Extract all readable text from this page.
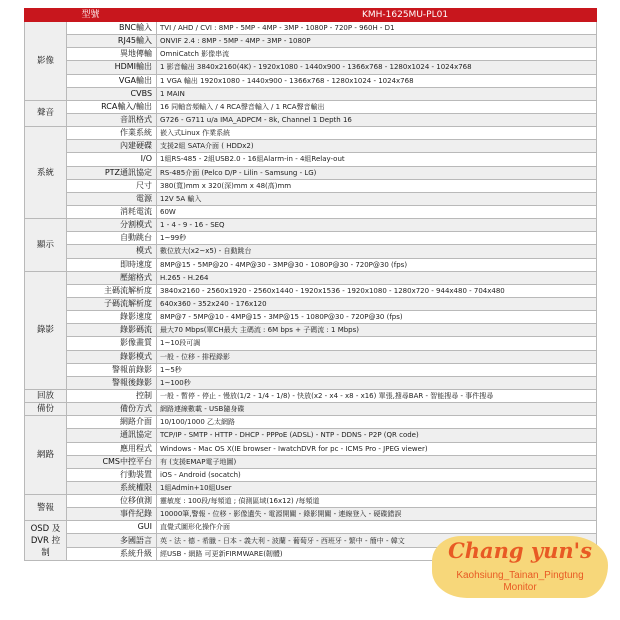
型號		KMH-1625MU-PL01
影像	BNC輸入	TVI / AHD / CVI : 8MP - 5MP - 4MP - 3MP - 1080P - 720P - 960H - D1
	RJ45輸入	ONVIF 2.4 : 8MP - 5MP - 4MP - 3MP - 1080P
	異地傳輸	OmniCatch 影像串流
	HDMI輸出	1 影音輸出 3840x2160(4K) - 1920x1080 - 1440x900 - 1366x768 - 1280x1024 - 1024x768
	VGA輸出	1 VGA 輸出 1920x1080 - 1440x900 - 1366x768 - 1280x1024 - 1024x768
	CVBS	1 MAIN
聲音	RCA輸入/輸出	16 同軸音頻輸入 / 4 RCA聲音輸入 / 1 RCA聲音輸出
	音訊格式	G726 - G711 u/a IMA_ADPCM - 8k, Channel 1 Depth 16
系統	作業系統	嵌入式Linux 作業系統
	內建硬碟	支援2組 SATA介面 ( HDDx2)
	I/O	1組RS-485 - 2組USB2.0 - 16組Alarm-in - 4組Relay-out
	PTZ通訊協定	RS-485介面 (Pelco D/P - Lilin - Samsung - LG)
	尺寸	380(寬)mm x 320(深)mm x 48(高)mm
	電源	12V 5A 輸入
	消耗電流	60W
顯示	分割模式	1 - 4 - 9 - 16 - SEQ
	自動跳台	1~99秒
	模式	數位放大(x2~x5) - 自動跳台
	即時速度	8MP@15 - 5MP@20 - 4MP@30 - 3MP@30 - 1080P@30 - 720P@30 (fps)
錄影	壓縮格式	H.265 - H.264
	主碼流解析度	3840x2160 - 2560x1920 - 2560x1440 - 1920x1536 - 1920x1080 - 1280x720 - 944x480 - 704x480
	子碼流解析度	640x360 - 352x240 - 176x120
	錄影速度	8MP@7 - 5MP@10 - 4MP@15 - 3MP@15 - 1080P@30 - 720P@30 (fps)
	錄影碼流	最大70 Mbps(單CH最大 主碼流 : 6M bps + 子碼流 : 1 Mbps)
	影像畫質	1~10段可調
	錄影模式	一般 - 位移 - 排程錄影
	警報前錄影	1~5秒
	警報後錄影	1~100秒
回放	控制	一般 - 暫停 - 停止 - 慢放(1/2 - 1/4 - 1/8) - 快放(x2 - x4 - x8 - x16) 單張,搜尋BAR - 智能搜尋 - 事件搜尋
備份	備份方式	網路連線數載 - USB隨身碟
網路	網路介面	10/100/1000 乙太網路
	通訊協定	TCP/IP - SMTP - HTTP - DHCP - PPPoE (ADSL) - NTP - DDNS - P2P (QR code)
	應用程式	Windows - Mac OS X(IE browser - IwatchDVR for pc - ICMS Pro - JPEG viewer)
	CMS中控平台	有 (支援EMAP電子地圖)
	行動裝置	iOS - Android (socatch)
	系統權限	1組Admin+10組User
警報	位移偵測	靈敏度 : 100段/每頻道 ; 偵測區域(16x12) /每頻道
	事件紀錄	10000筆,警報 - 位移 - 影像遺失 - 電源開關 - 錄影開關 - 連線登入 - 硬碟錯誤
OSD 及 DVR 控制	GUI	直覺式圖形化操作介面
	多國語言	英 - 法 - 德 - 希臘 - 日本 - 義大利 - 波蘭 - 葡萄牙 - 西班牙 - 繁中 - 簡中 - 韓文
	系統升級	經USB - 網路 可更新FIRMWARE(韌體)	Chang yun's
Kaohsiung_Tainan_Pingtung
Monitor
